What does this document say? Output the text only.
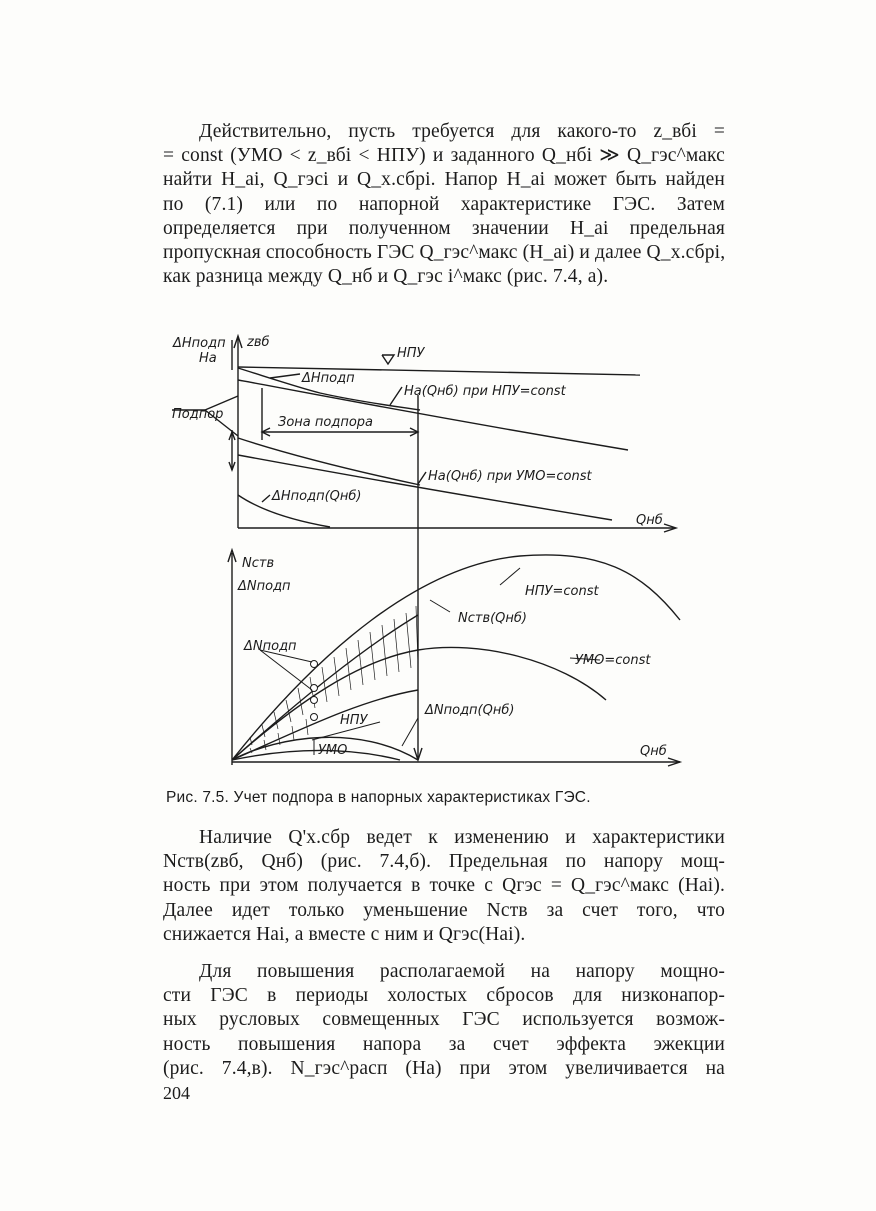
Действительно, пусть требуется для какого-то z_вбi =
= const (УМО < z_вбi < НПУ) и заданного Q_нбi ≫ Q_гэс^макс
найти H_ai, Q_гэсi и Q_х.сбрi. Напор H_ai может быть найден
по (7.1) или по напорной характеристике ГЭС. Затем
определяется при полученном значении H_ai предельная
пропускная способность ГЭС Q_гэс^макс (H_ai) и далее Q_х.сбрi,
как разница между Q_нб и Q_гэс i^макс (рис. 7.4, а).
ΔHподп
Ha
zвб
НПУ
ΔHподп
Ha(Qнб) при НПУ=const
Подпор
Зона подпора
Ha(Qнб) при УМО=const
ΔHподп(Qнб)
Qнб
Nств
ΔNподп	НПУ=const
Nств(Qнб)
ΔNподп
УМО=const
ΔNподп(Qнб)
НПУ
УМО	Qнб
Рис. 7.5. Учет подпора в напорных характеристиках ГЭС.
Наличие Q'х.сбр ведет к изменению и характеристики
Nств(zвб, Qнб) (рис. 7.4,б). Предельная по напору мощ-
ность при этом получается в точке с Qгэс = Q_гэс^макс (Hai).
Далее идет только уменьшение Nств за счет того, что
снижается Hai, а вместе с ним и Qгэс(Hai).
Для повышения располагаемой на напору мощно-
сти ГЭС в периоды холостых сбросов для низконапор-
ных русловых совмещенных ГЭС используется возмож-
ность повышения напора за счет эффекта эжекции
(рис. 7.4,в). N_гэс^расп (Ha) при этом увеличивается на
204
